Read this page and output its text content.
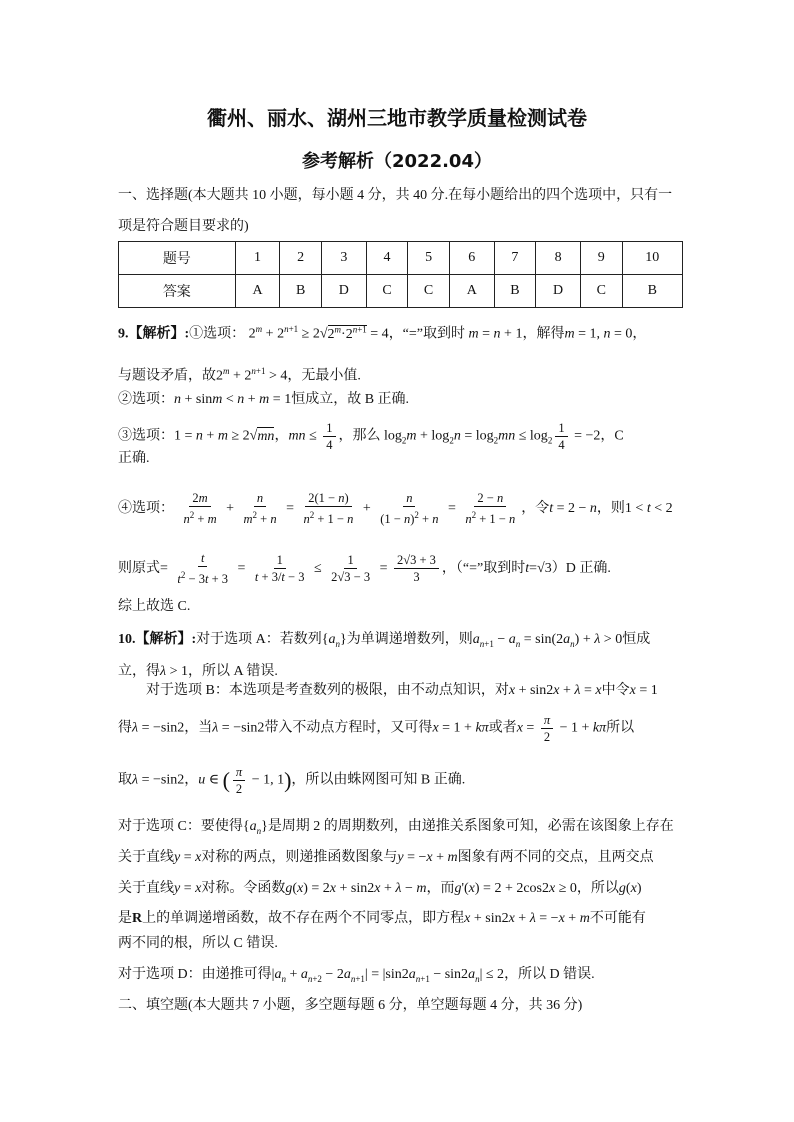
衢州、丽水、湖州三地市教学质量检测试卷
参考解析（2022.04）
一、选择题(本大题共 10 小题，每小题 4 分，共 40 分.在每小题给出的四个选项中，只有一
项是符合题目要求的)
题号	1	2	3	4	5	6	7	8	9	10
答案	A	B	D	C	C	A	B	D	C	B
9.【解析】:①选项： $2^m + 2^{n+1} \ge 2√2^m\cdot 2^{n+1} = 4$，“=”取到时 m = n + 1，解得m = 1, n = 0，
与题设矛盾，故$2^m + 2^{n+1} > 4$，无最小值.
②选项：n + sinm < n + m = 1恒成立，故 B 正确.
③选项：1 = n + m ≥ 2√mn，mn ≤ $\frac{1}{4}$ ，那么 $\log_2m + \log_2n = \log_2mn \le \log_2 \frac{1}{4} = -2$，C
正确.
④选项： $\frac{2m}{n^2 + m} + \frac{n}{m^2 + n} = \frac{2(1 - n)}{n^2 + 1 - n} + \frac{n}{(1 - n)^2 + n} = \frac{2 - n}{n^2 + 1 - n}$ ，令t = 2 − n，则1 < t < 2
则原式= $\frac{t}{t^2 - 3t + 3} = \frac{1}{t + 3/t - 3} \le \frac{1}{2√3 - 3} = \frac{2√3 + 3}{3}$ ，（“=”取到时t=√3）D 正确.
综上故选 C.
10.【解析】:对于选项 A：若数列$\{a_n\}$为单调递增数列，则$a_{n+1} - a_n = \sin(2a_n) + \lambda > 0$恒成
立，得λ > 1，所以 A 错误.
对于选项 B：本选项是考查数列的极限，由不动点知识，对x + sin2x + λ = x中令x = 1
得λ = −sin2，当λ = −sin2带入不动点方程时，又可得x = 1 + kπ或者$x = \frac{\pi}{2} - 1 + k\pi$所以
取λ = −sin2，u ∈ ( $\frac{\pi}{2} - 1$, 1)，所以由蛛网图可知 B 正确.
对于选项 C：要使得$\{a_n\}$是周期 2 的周期数列，由递推关系图象可知，必需在该图象上存在
关于直线y = x对称的两点，则递推函数图象与y = −x + m图象有两不同的交点，且两交点
关于直线y = x对称。令函数g(x) = 2x + sin2x + λ − m，而g'(x) = 2 + 2cos2x ≥ 0，所以g(x)
是R上的单调递增函数，故不存在两个不同零点，即方程x + sin2x + λ = −x + m不可能有
两不同的根，所以 C 错误.
对于选项 D：由递推可得$|a_n + a_{n+2} - 2a_{n+1}| = |\sin 2a_{n+1} - \sin 2a_n| \le 2$，所以 D 错误.
二、填空题(本大题共 7 小题，多空题每题 6 分，单空题每题 4 分，共 36 分)
